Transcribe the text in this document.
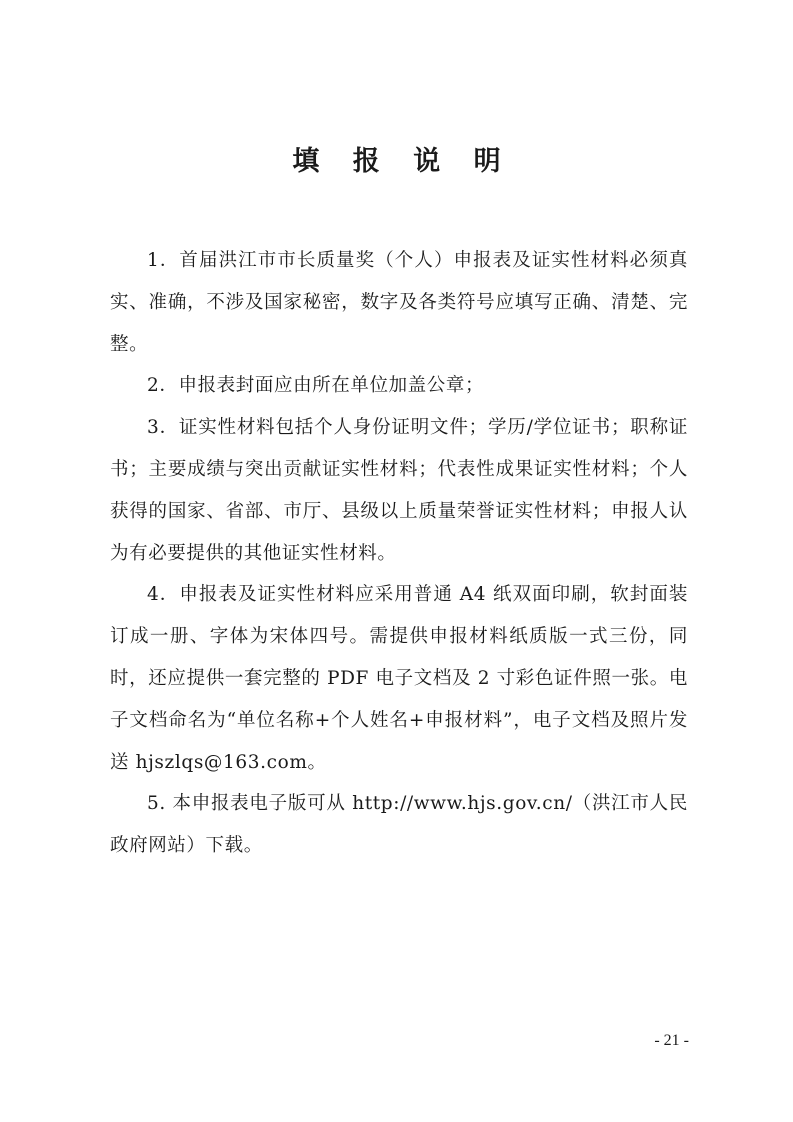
填 报 说 明

1．首届洪江市市长质量奖（个人）申报表及证实性材料必须真实、准确，不涉及国家秘密，数字及各类符号应填写正确、清楚、完整。

2．申报表封面应由所在单位加盖公章；

3．证实性材料包括个人身份证明文件；学历/学位证书；职称证书；主要成绩与突出贡献证实性材料；代表性成果证实性材料；个人获得的国家、省部、市厅、县级以上质量荣誉证实性材料；申报人认为有必要提供的其他证实性材料。

4．申报表及证实性材料应采用普通 A4 纸双面印刷，软封面装订成一册、字体为宋体四号。需提供申报材料纸质版一式三份，同时，还应提供一套完整的 PDF 电子文档及 2 寸彩色证件照一张。电子文档命名为“单位名称+个人姓名+申报材料”，电子文档及照片发送 hjszlqs@163.com。

5. 本申报表电子版可从 http://www.hjs.gov.cn/（洪江市人民政府网站）下载。

- 21 -
